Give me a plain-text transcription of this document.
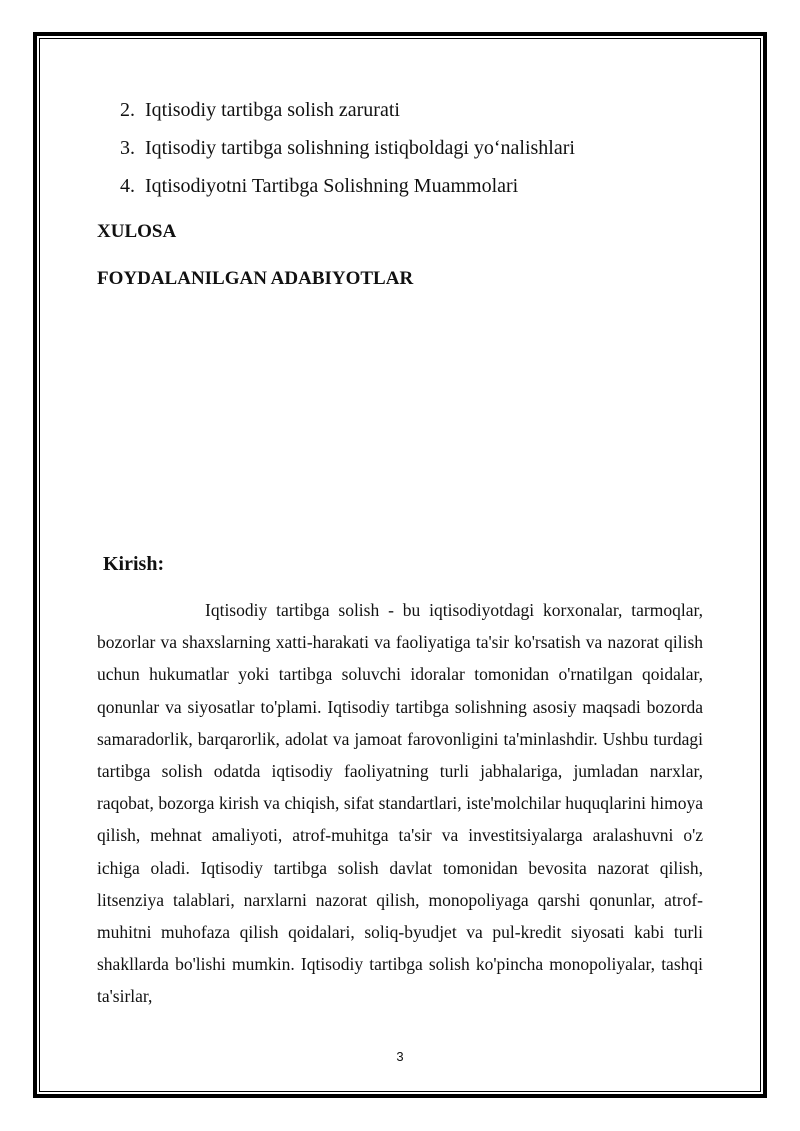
2. Iqtisodiy tartibga solish zarurati
3. Iqtisodiy tartibga solishning istiqboldagi yo‘nalishlari
4. Iqtisodiyotni Tartibga Solishning Muammolari
XULOSA
FOYDALANILGAN ADABIYOTLAR
Kirish:

Iqtisodiy tartibga solish - bu iqtisodiyotdagi korxonalar, tarmoqlar, bozorlar va shaxslarning xatti-harakati va faoliyatiga ta'sir ko'rsatish va nazorat qilish uchun hukumatlar yoki tartibga soluvchi idoralar tomonidan o'rnatilgan qoidalar, qonunlar va siyosatlar to'plami. Iqtisodiy tartibga solishning asosiy maqsadi bozorda samaradorlik, barqarorlik, adolat va jamoat farovonligini ta'minlashdir. Ushbu turdagi tartibga solish odatda iqtisodiy faoliyatning turli jabhalariga, jumladan narxlar, raqobat, bozorga kirish va chiqish, sifat standartlari, iste'molchilar huquqlarini himoya qilish, mehnat amaliyoti, atrof-muhitga ta'sir va investitsiyalarga aralashuvni o'z ichiga oladi. Iqtisodiy tartibga solish davlat tomonidan bevosita nazorat qilish, litsenziya talablari, narxlarni nazorat qilish, monopoliyaga qarshi qonunlar, atrof-muhitni muhofaza qilish qoidalari, soliq-byudjet va pul-kredit siyosati kabi turli shakllarda bo'lishi mumkin. Iqtisodiy tartibga solish ko'pincha monopoliyalar, tashqi ta'sirlar,

3
